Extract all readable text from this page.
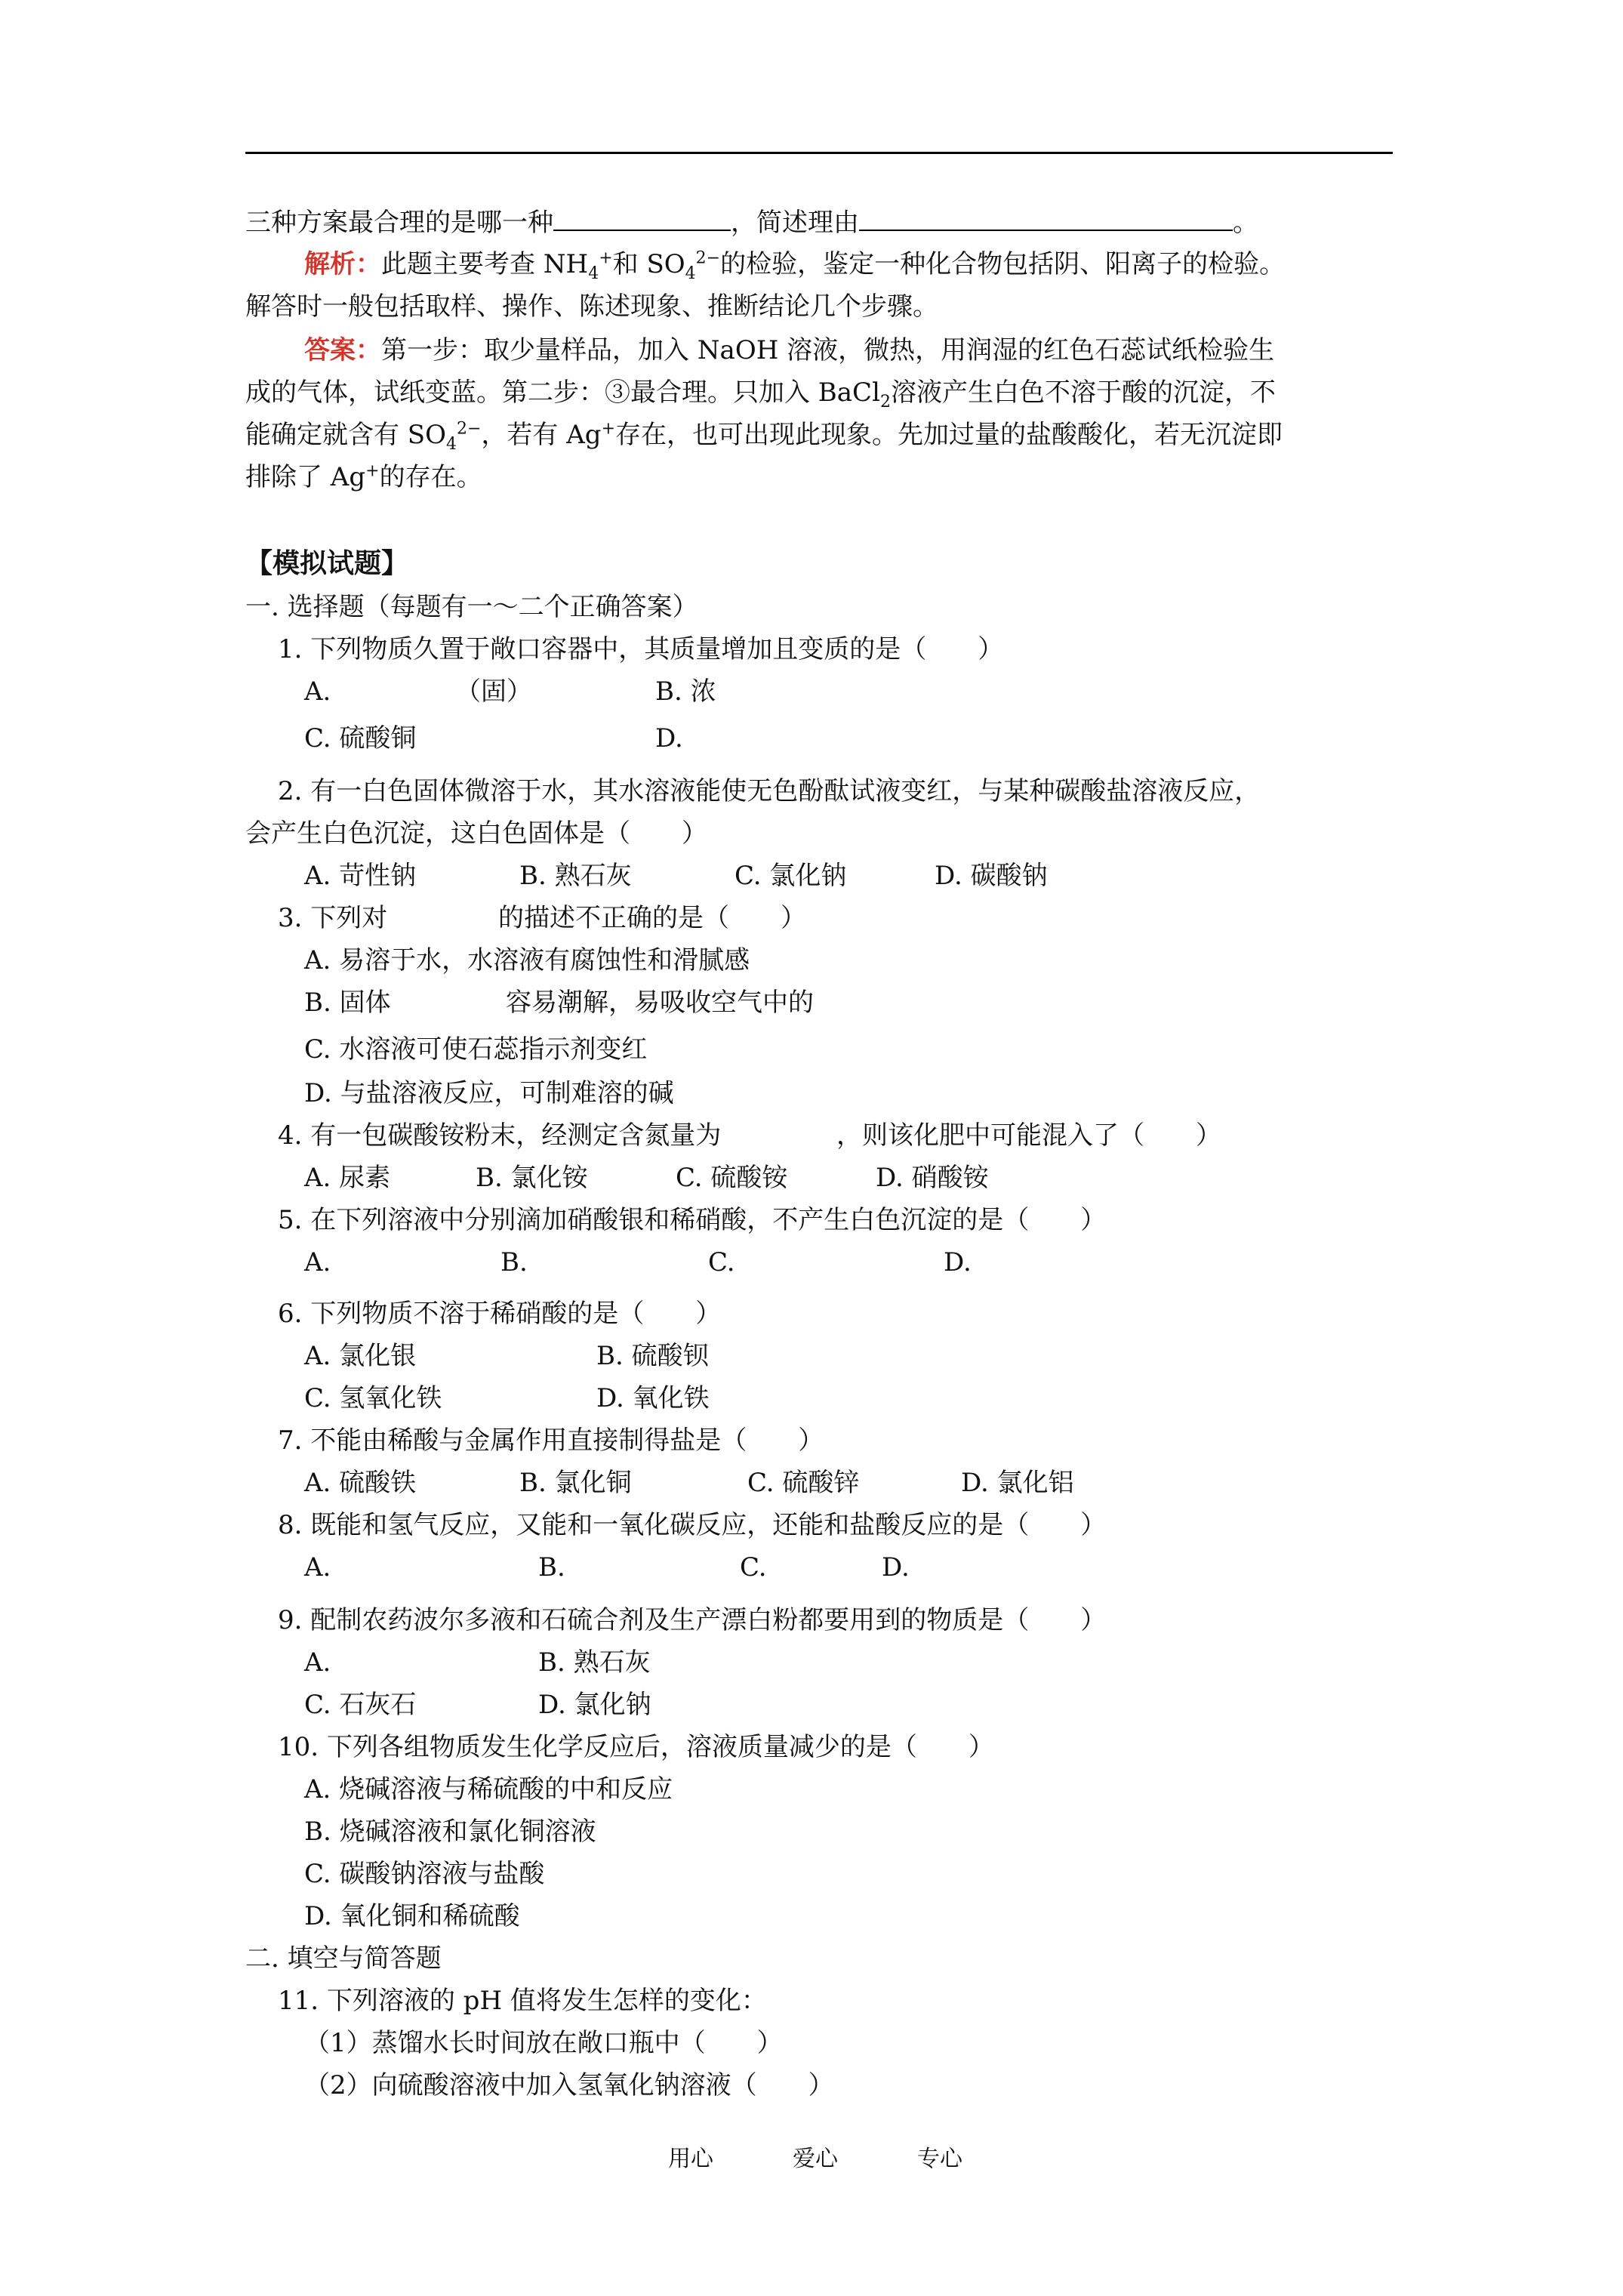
三种方案最合理的是哪一种	，简述理由	。
解析：此题主要考查 $NH_4^+$和 $SO_4^{2-}$的检验，鉴定一种化合物包括阴、阳离子的检验。
解答时一般包括取样、操作、陈述现象、推断结论几个步骤。
答案：第一步：取少量样品，加入 NaOH 溶液，微热，用润湿的红色石蕊试纸检验生
成的气体，试纸变蓝。第二步：③最合理。只加入 BaCl$_2$溶液产生白色不溶于酸的沉淀，不
能确定就含有 $SO_4^{2-}$，若有 Ag+存在，也可出现此现象。先加过量的盐酸酸化，若无沉淀即
排除了 Ag+的存在。
【模拟试题】
一. 选择题（每题有一～二个正确答案）
1. 下列物质久置于敞口容器中，其质量增加且变质的是（　　）
A.	（固）	B. 浓
C. 硫酸铜	D.
2. 有一白色固体微溶于水，其水溶液能使无色酚酞试液变红，与某种碳酸盐溶液反应，
会产生白色沉淀，这白色固体是（　　）
A. 苛性钠	B. 熟石灰	C. 氯化钠	D. 碳酸钠
3. 下列对	的描述不正确的是（　　）
A. 易溶于水，水溶液有腐蚀性和滑腻感
B. 固体	容易潮解，易吸收空气中的
C. 水溶液可使石蕊指示剂变红
D. 与盐溶液反应，可制难溶的碱
4. 有一包碳酸铵粉末，经测定含氮量为	，则该化肥中可能混入了（　　）
A. 尿素	B. 氯化铵	C. 硫酸铵	D. 硝酸铵
5. 在下列溶液中分别滴加硝酸银和稀硝酸，不产生白色沉淀的是（　　）
A.	B.	C.	D.
6. 下列物质不溶于稀硝酸的是（　　）
A. 氯化银	B. 硫酸钡
C. 氢氧化铁	D. 氧化铁
7. 不能由稀酸与金属作用直接制得盐是（　　）
A. 硫酸铁	B. 氯化铜	C. 硫酸锌	D. 氯化铝
8. 既能和氢气反应，又能和一氧化碳反应，还能和盐酸反应的是（　　）
A.	B.	C.	D.
9. 配制农药波尔多液和石硫合剂及生产漂白粉都要用到的物质是（　　）
A.	B. 熟石灰
C. 石灰石	D. 氯化钠
10. 下列各组物质发生化学反应后，溶液质量减少的是（　　）
A. 烧碱溶液与稀硫酸的中和反应
B. 烧碱溶液和氯化铜溶液
C. 碳酸钠溶液与盐酸
D. 氧化铜和稀硫酸
二. 填空与简答题
11. 下列溶液的 pH 值将发生怎样的变化：
（1）蒸馏水长时间放在敞口瓶中（　　）
（2）向硫酸溶液中加入氢氧化钠溶液（　　）
用心	爱心	专心
